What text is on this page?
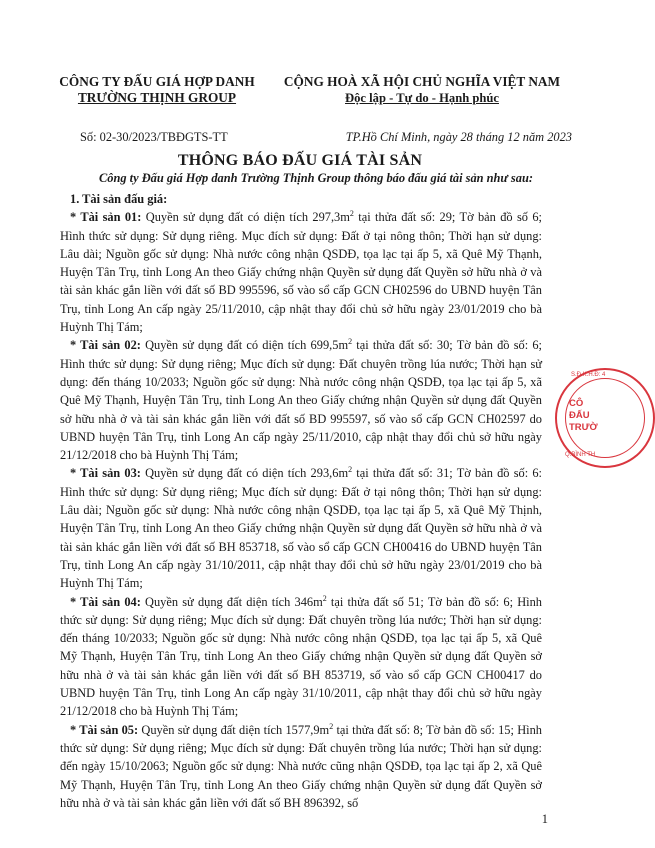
CÔNG TY ĐẤU GIÁ HỢP DANH
TRƯỜNG THỊNH GROUP
CỘNG HOÀ XÃ HỘI CHỦ NGHĨA VIỆT NAM
Độc lập - Tự do - Hạnh phúc
Số: 02-30/2023/TBĐGTS-TT	TP.Hồ Chí Minh, ngày 28 tháng 12 năm 2023
THÔNG BÁO ĐẤU GIÁ TÀI SẢN
Công ty Đấu giá Hợp danh Trường Thịnh Group thông báo đấu giá tài sản như sau:

1. Tài sản đấu giá:

* Tài sản 01: Quyền sử dụng đất có diện tích $297,3m^2$ tại thửa đất số: 29; Tờ bản đồ số 6; Hình thức sử dụng: Sử dụng riêng. Mục đích sử dụng: Đất ở tại nông thôn; Thời hạn sử dụng: Lâu dài; Nguồn gốc sử dụng: Nhà nước công nhận QSDĐ, tọa lạc tại ấp 5, xã Quê Mỹ Thạnh, Huyện Tân Trụ, tỉnh Long An theo Giấy chứng nhận Quyền sử dụng đất Quyền sở hữu nhà ở và tài sản khác gắn liền với đất số BD 995596, số vào sổ cấp GCN CH02596 do UBND huyện Tân Trụ, tỉnh Long An cấp ngày 25/11/2010, cập nhật thay đổi chủ sở hữu ngày 23/01/2019 cho bà Huỳnh Thị Tám;

* Tài sản 02: Quyền sử dụng đất có diện tích $699,5m^2$ tại thửa đất số: 30; Tờ bản đồ số: 6; Hình thức sử dụng: Sử dụng riêng; Mục đích sử dụng: Đất chuyên trồng lúa nước; Thời hạn sử dụng: đến tháng 10/2033; Nguồn gốc sử dụng: Nhà nước công nhận QSDĐ, tọa lạc tại ấp 5, xã Quê Mỹ Thạnh, Huyện Tân Trụ, tỉnh Long An theo Giấy chứng nhận Quyền sử dụng đất Quyền sở hữu nhà ở và tài sản khác gắn liền với đất số BD 995597, số vào sổ cấp GCN CH02597 do UBND huyện Tân Trụ, tỉnh Long An cấp ngày 25/11/2010, cập nhật thay đổi chủ sở hữu ngày 21/12/2018 cho bà Huỳnh Thị Tám;

* Tài sản 03: Quyền sử dụng đất có diện tích $293,6m^2$ tại thửa đất số: 31; Tờ bản đồ số: 6: Hình thức sử dụng: Sử dụng riêng; Mục đích sử dụng: Đất ở tại nông thôn; Thời hạn sử dụng: Lâu dài; Nguồn gốc sử dụng: Nhà nước công nhận QSDĐ, tọa lạc tại ấp 5, xã Quê Mỹ Thịnh, Huyện Tân Trụ, tỉnh Long An theo Giấy chứng nhận Quyền sử dụng đất Quyền sở hữu nhà ở và tài sản khác gắn liền với đất số BH 853718, số vào sổ cấp GCN CH00416 do UBND huyện Tân Trụ, tỉnh Long An cấp ngày 31/10/2011, cập nhật thay đổi chủ sở hữu ngày 23/01/2019 cho bà Huỳnh Thị Tám;

* Tài sản 04: Quyền sử dụng đất diện tích $346m^2$ tại thửa đất số 51; Tờ bản đồ số: 6; Hình thức sử dụng: Sử dụng riêng; Mục đích sử dụng: Đất chuyên trồng lúa nước; Thời hạn sử dụng: đến tháng 10/2033; Nguồn gốc sử dụng: Nhà nước công nhận QSDĐ, tọa lạc tại ấp 5, xã Quê Mỹ Thạnh, Huyện Tân Trụ, tỉnh Long An theo Giấy chứng nhận Quyền sử dụng đất Quyền sở hữu nhà ở và tài sản khác gắn liền với đất số BH 853719, số vào sổ cấp GCN CH00417 do UBND huyện Tân Trụ, tỉnh Long An cấp ngày 31/10/2011, cập nhật thay đổi chủ sở hữu ngày 21/12/2018 cho bà Huỳnh Thị Tám;

* Tài sản 05: Quyền sử dụng đất diện tích $1577,9m^2$ tại thửa đất số: 8; Tờ bản đồ số: 15; Hình thức sử dụng: Sử dụng riêng; Mục đích sử dụng: Đất chuyên trồng lúa nước; Thời hạn sử dụng: đến ngày 15/10/2063; Nguồn gốc sử dụng: Nhà nước cũng nhận QSDĐ, tọa lạc tại ấp 2, xã Quê Mỹ Thạnh, Huyện Tân Trụ, tỉnh Long An theo Giấy chứng nhận Quyền sử dụng đất Quyền sở hữu nhà ở và tài sản khác gắn liền với đất số BH 896392, số

S.Đ.K.H.Đ: 4
CÔ
ĐẤU
TRƯỜ
Q.BÌNH TH
1
